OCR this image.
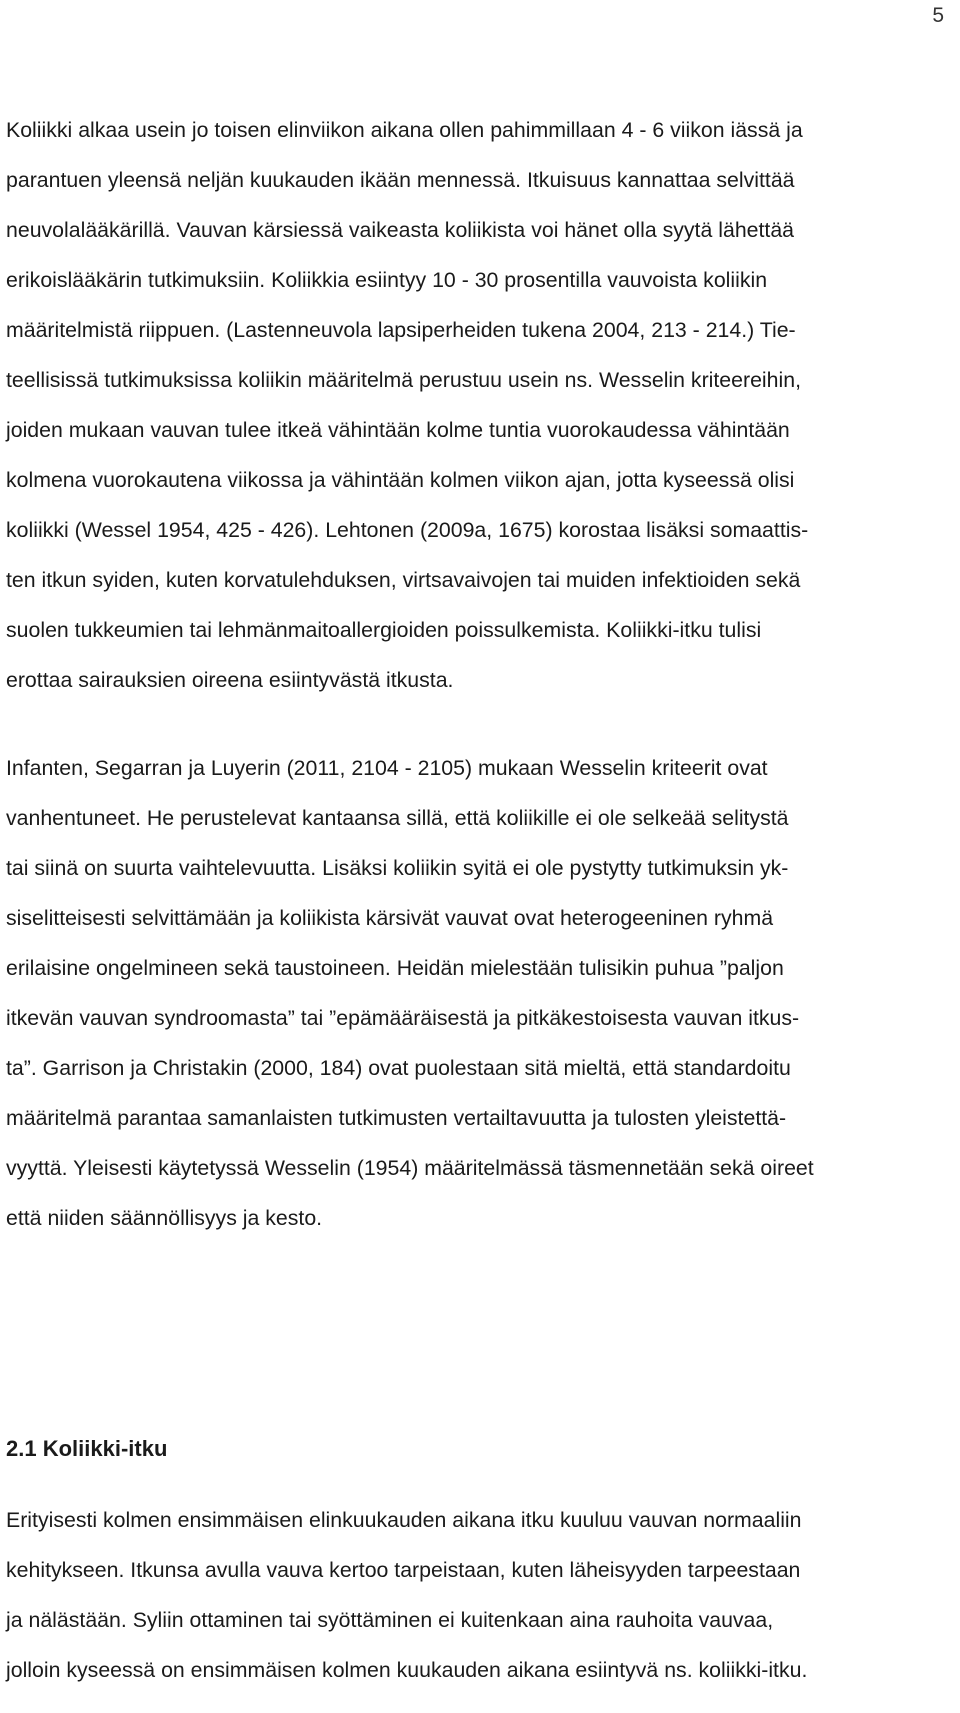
5
Koliikki alkaa usein jo toisen elinviikon aikana ollen pahimmillaan 4 - 6 viikon iässä ja
parantuen yleensä neljän kuukauden ikään mennessä. Itkuisuus kannattaa selvittää
neuvolalääkärillä. Vauvan kärsiessä vaikeasta koliikista voi hänet olla syytä lähettää
erikoislääkärin tutkimuksiin. Koliikkia esiintyy 10 - 30 prosentilla vauvoista koliikin
määritelmistä riippuen. (Lastenneuvola lapsiperheiden tukena 2004, 213 - 214.) Tie-
teellisissä tutkimuksissa koliikin määritelmä perustuu usein ns. Wesselin kriteereihin,
joiden mukaan vauvan tulee itkeä vähintään kolme tuntia vuorokaudessa vähintään
kolmena vuorokautena viikossa ja vähintään kolmen viikon ajan, jotta kyseessä olisi
koliikki (Wessel 1954, 425 - 426). Lehtonen (2009a, 1675) korostaa lisäksi somaattis-
ten itkun syiden, kuten korvatulehduksen, virtsavaivojen tai muiden infektioiden sekä
suolen tukkeumien tai lehmänmaitoallergioiden poissulkemista. Koliikki-itku tulisi
erottaa sairauksien oireena esiintyvästä itkusta.
Infanten, Segarran ja Luyerin (2011, 2104 - 2105) mukaan Wesselin kriteerit ovat
vanhentuneet. He perustelevat kantaansa sillä, että koliikille ei ole selkeää selitystä
tai siinä on suurta vaihtelevuutta. Lisäksi koliikin syitä ei ole pystytty tutkimuksin yk-
siselitteisesti selvittämään ja koliikista kärsivät vauvat ovat heterogeeninen ryhmä
erilaisine ongelmineen sekä taustoineen. Heidän mielestään tulisikin puhua ”paljon
itkevän vauvan syndroomasta” tai ”epämääräisestä ja pitkäkestoisesta vauvan itkus-
ta”. Garrison ja Christakin (2000, 184) ovat puolestaan sitä mieltä, että standardoitu
määritelmä parantaa samanlaisten tutkimusten vertailtavuutta ja tulosten yleistettä-
vyyttä. Yleisesti käytetyssä Wesselin (1954) määritelmässä täsmennetään sekä oireet
että niiden säännöllisyys ja kesto.
2.1 Koliikki-itku
Erityisesti kolmen ensimmäisen elinkuukauden aikana itku kuuluu vauvan normaaliin
kehitykseen. Itkunsa avulla vauva kertoo tarpeistaan, kuten läheisyyden tarpeestaan
ja nälästään. Syliin ottaminen tai syöttäminen ei kuitenkaan aina rauhoita vauvaa,
jolloin kyseessä on ensimmäisen kolmen kuukauden aikana esiintyvä ns. koliikki-itku.
